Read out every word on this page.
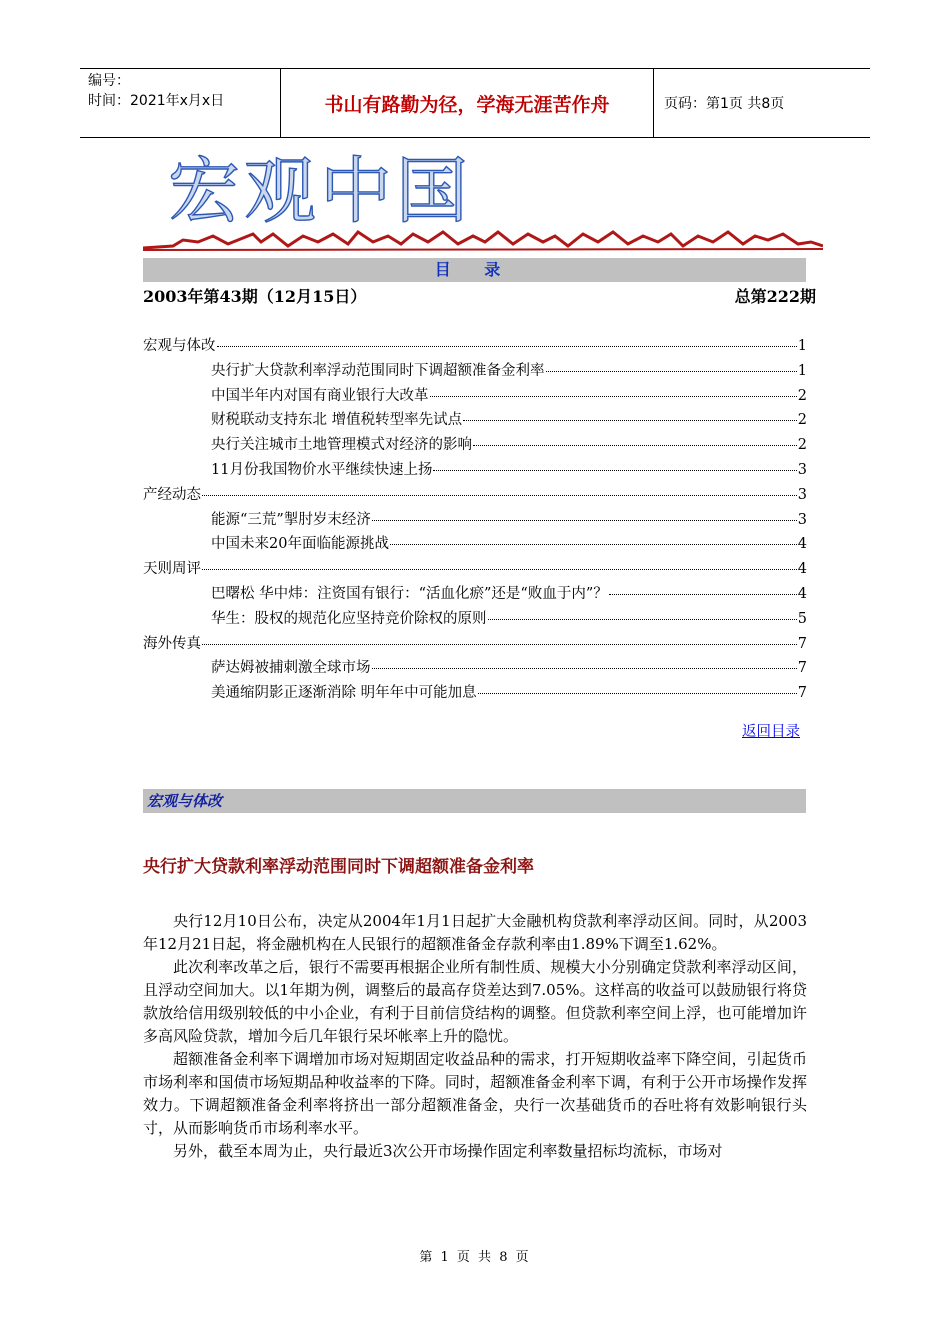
编号：
时间：2021年x月x日	书山有路勤为径，学海无涯苦作舟	页码：第1页 共8页
宏观中国
目 录
2003年第43期（12月15日）	总第222期
宏观与体改	1
央行扩大贷款利率浮动范围同时下调超额准备金利率	1
中国半年内对国有商业银行大改革	2
财税联动支持东北 增值税转型率先试点	2
央行关注城市土地管理模式对经济的影响	2
11月份我国物价水平继续快速上扬	3
产经动态	3
能源“三荒”掣肘岁末经济	3
中国未来20年面临能源挑战	4
天则周评	4
巴曙松 华中炜：注资国有银行：“活血化瘀”还是“败血于内”？	4
华生：股权的规范化应坚持竞价除权的原则	5
海外传真	7
萨达姆被捕刺激全球市场	7
美通缩阴影正逐渐消除 明年年中可能加息	7
返回目录
宏观与体改
央行扩大贷款利率浮动范围同时下调超额准备金利率

央行12月10日公布，决定从2004年1月1日起扩大金融机构贷款利率浮动区间。同时，从2003年12月21日起，将金融机构在人民银行的超额准备金存款利率由1.89%下调至1.62%。

此次利率改革之后，银行不需要再根据企业所有制性质、规模大小分别确定贷款利率浮动区间，且浮动空间加大。以1年期为例，调整后的最高存贷差达到7.05%。这样高的收益可以鼓励银行将贷款放给信用级别较低的中小企业，有利于目前信贷结构的调整。但贷款利率空间上浮，也可能增加许多高风险贷款，增加今后几年银行呆坏帐率上升的隐忧。

超额准备金利率下调增加市场对短期固定收益品种的需求，打开短期收益率下降空间，引起货币市场利率和国债市场短期品种收益率的下降。同时，超额准备金利率下调，有利于公开市场操作发挥效力。下调超额准备金利率将挤出一部分超额准备金，央行一次基础货币的吞吐将有效影响银行头寸，从而影响货币市场利率水平。

另外，截至本周为止，央行最近3次公开市场操作固定利率数量招标均流标，市场对

第 1 页 共 8 页
